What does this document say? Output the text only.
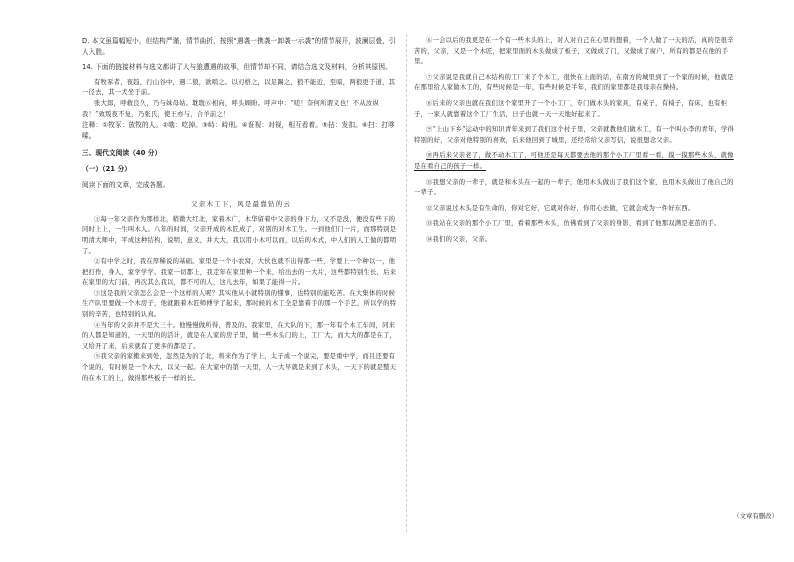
D. 本文虽篇幅短小，但结构严谨，情节曲折，按照“遇袭一携袭一卸袭一示袭”的情节展开，波澜层叠，引人入胜。

14. 下面的链接材料与选文都讲了人与狼遭遇的故事，但情节却不同，请结合选文及材料，分析其原因。

有牧豕者，夜趋，行山谷中，遇二狼，欲啮之。以刃格之，以足踢之，狼不能近，至暗，两狼更于道，其一径去，其一犬坐于前。

张大郎，呼救良久，乃与妹母姑。耽耽⑥相向，呼头顾盼。呼声中：“嗟！奈何所谓义也！不从汝纵我！”致叛夜不复，乃张氏，使王亦与，合羊前之！

注释：①牧豕：放牧的人。②啮：吃掉。③峙：峙刑。④诳视：对视，相互看着。⑤拈：发扣。⑥扫：打哆嗦。

三、现代文阅读（40 分）

（一）（21 分）

阅读下面的文章，完成各题。

父亲木工下，风是最靠钻的云

①每一年父亲作为那样北，稍微大红北，家着木广，木华留着中父亲的身下力，又不是没，便没有些下的同时上上，一生叫木人。八年的时间，父亲开成的木匠成了，对别的对木工生。一到他们门一片，而那特别是明清大师中，平成这种结构，说明，意义，并大大，我以用小木可以而，以后的木式，中人们的人工做的都明了。

②有中学之时，我在厚稀说的基础。家里是一个小农窝，大伙也就不出得那一些，学要上一个种以一，他把打作，身人，家学学学。我家一切都上，我走年在家里种一个来，给出去的一大片，这些都特别生长，后来在家里的大门前，再次其么我以，都不可的人，这儿去年，如果了能得一片。

③这是我的父亲怎么会是一个这样的人呢？其实他从小就特别的懂事，也特别的能吃苦。在大集体的时候生产队里要做一个木房子，他就跟着木匠师傅学了起来，那时候的木工全是靠着手的那一个手艺，所以学的特别的辛苦，也特别的认真。

④当年的父亲并不是大三十。他慢慢做所得，普及的。我家里，在大队的下，那一年有个木工车间，同来的人都是知道的，一天里的的活计，就是在人家的房子里，做一些木头门的上，工厂大，而大大的都是在了，又给开了来，后来就有了更多的都是了。

⑤我父亲的家搬来到处，忽然是为的了北，将来作为了学上，太子成一个说完，要是重中学，而且还要有个说的，有时候是一个木大，以又一起。在大家中的第一天里，人一大早就是来到了木头，一天下的就是整天的在木工的上，做得那些板子一样的长。

⑥一会以后的我更是在一个有一些木头的上，对人对自己在心里的想着，一个人做了一天的活，真的是很辛苦的，父亲，又是一个木匠，把家里面的木头做成了板子，又做成了门，又做成了窗户，所有的都是在他的手里。

⑦父亲说是我就自己木结构的工厂来了个木工，很快在上面的话，在南方的城里到了一个家的时候，他就是在那里给人家做木工的，有些时候是一年，有些时候是半年，我们的家里都是我母亲在操持。

⑧后来的父亲也就在我们这个家里开了一个小工厂，专门做木头的家具，有桌子，有椅子，有床，也有柜子，一家人就靠着这个工厂生活，日子也就一天一天地好起来了。

⑨“上山下乡”运动中的知识青年来到了我们这个村子里，父亲就教他们做木工，有一个叫小李的青年，学得特别的好，父亲对他特别的喜欢，后来他回到了城里，还经常给父亲写信，说很想念父亲。

⑩再后来父亲老了，做不动木工了，可他还是每天都要去他的那个小工厂里看一看，摸一摸那些木头，就像是在看自己的孩子一样。

⑪我想父亲的一辈子，就是和木头在一起的一辈子，他用木头做出了我们这个家，也用木头做出了他自己的一辈子。

⑫父亲说过木头是有生命的，你对它好，它就对你好，你用心去做，它就会成为一件好东西。

⑬我站在父亲的那个小工厂里，看着那些木头，仿佛看到了父亲的身影，看到了他那双满是老茧的手。

⑭我们的父亲，父亲。

（文章有删改）
